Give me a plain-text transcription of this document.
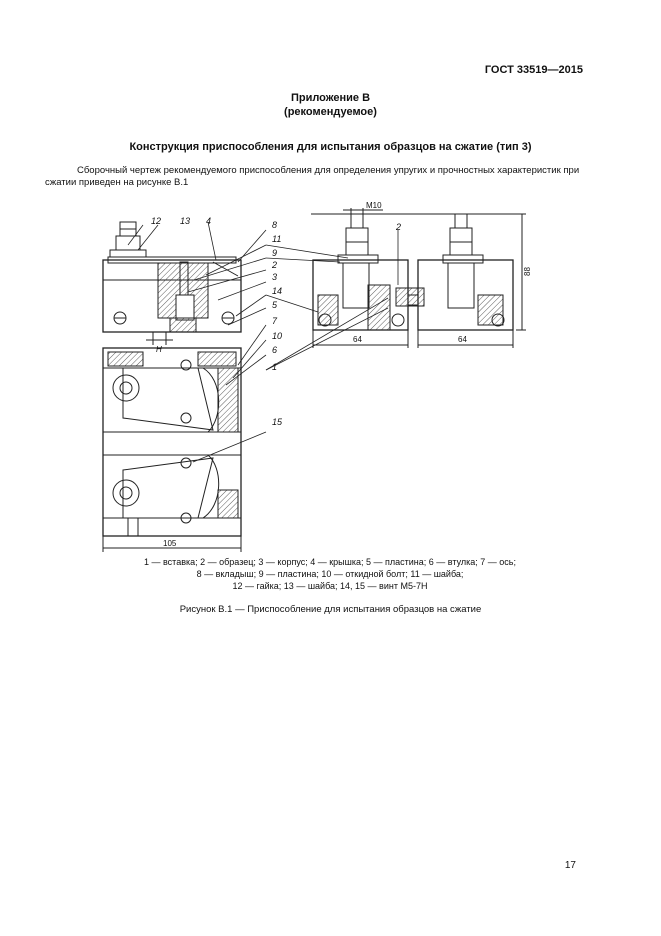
ГОСТ 33519—2015
Приложение В
(рекомендуемое)
Конструкция приспособления для испытания образцов на сжатие (тип 3)
Сборочный чертеж рекомендуемого приспособления для определения упругих и прочностных характеристик при сжатии приведен на рисунке В.1
12 13 4	8
11
9
2
3
14
5
7
10
6
1
15
2
М10
64	64
88
105
H
1 — вставка; 2 — образец; 3 — корпус; 4 — крышка; 5 — пластина; 6 — втулка; 7 — ось;
8 — вкладыш; 9 — пластина; 10 — откидной болт; 11 — шайба;
12 — гайка; 13 — шайба; 14, 15 — винт М5-7Н
Рисунок В.1 — Приспособление для испытания образцов на сжатие
17
